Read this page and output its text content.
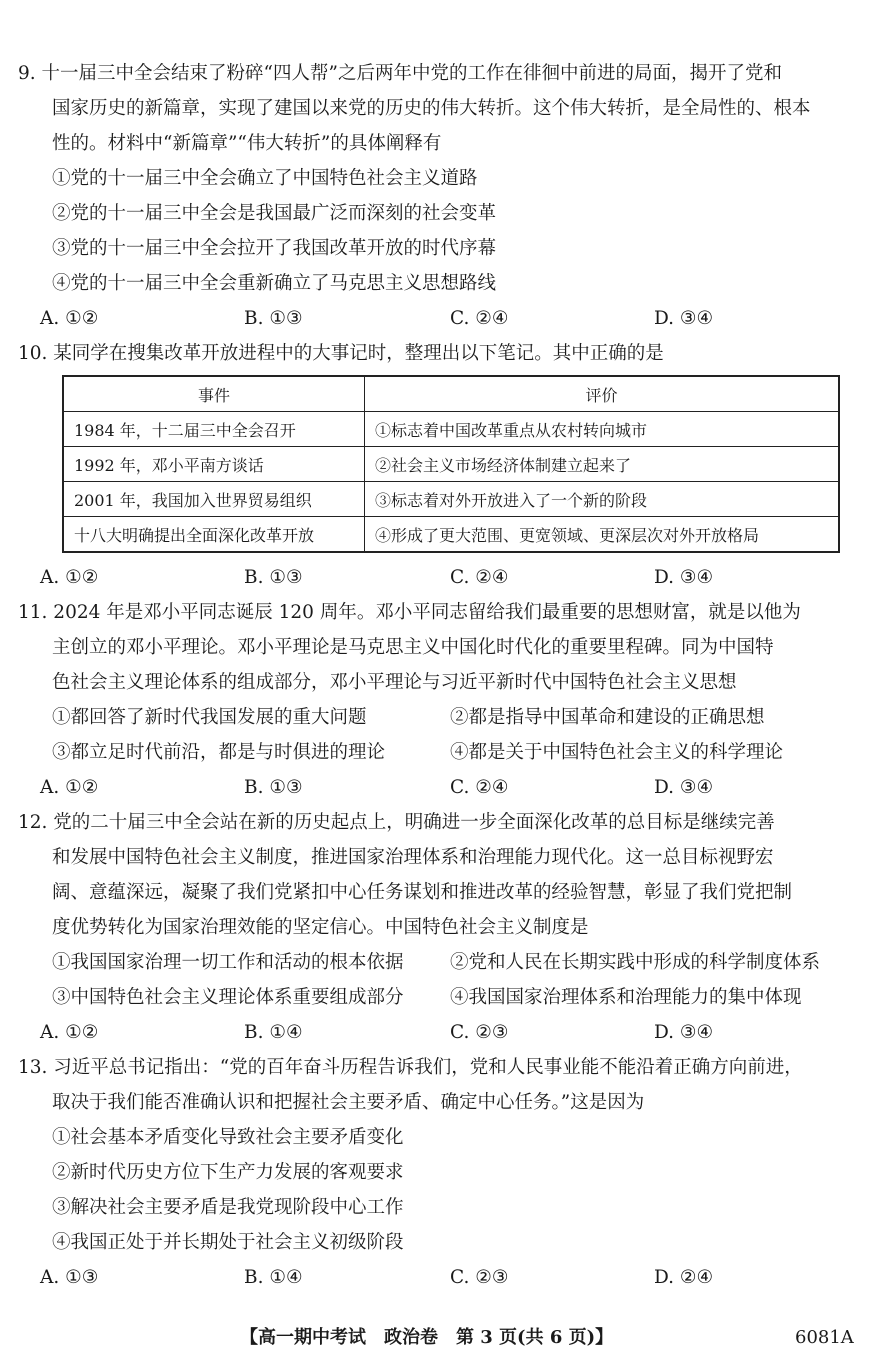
9. 十一届三中全会结束了粉碎“四人帮”之后两年中党的工作在徘徊中前进的局面，揭开了党和
国家历史的新篇章，实现了建国以来党的历史的伟大转折。这个伟大转折，是全局性的、根本
性的。材料中“新篇章”“伟大转折”的具体阐释有
①党的十一届三中全会确立了中国特色社会主义道路
②党的十一届三中全会是我国最广泛而深刻的社会变革
③党的十一届三中全会拉开了我国改革开放的时代序幕
④党的十一届三中全会重新确立了马克思主义思想路线
A. ①②	B. ①③	C. ②④	D. ③④
10. 某同学在搜集改革开放进程中的大事记时，整理出以下笔记。其中正确的是
事件	评价
1984 年，十二届三中全会召开	①标志着中国改革重点从农村转向城市
1992 年，邓小平南方谈话	②社会主义市场经济体制建立起来了
2001 年，我国加入世界贸易组织	③标志着对外开放进入了一个新的阶段
十八大明确提出全面深化改革开放	④形成了更大范围、更宽领域、更深层次对外开放格局
A. ①②	B. ①③	C. ②④	D. ③④
11. 2024 年是邓小平同志诞辰 120 周年。邓小平同志留给我们最重要的思想财富，就是以他为
主创立的邓小平理论。邓小平理论是马克思主义中国化时代化的重要里程碑。同为中国特
色社会主义理论体系的组成部分，邓小平理论与习近平新时代中国特色社会主义思想
①都回答了新时代我国发展的重大问题	②都是指导中国革命和建设的正确思想
③都立足时代前沿，都是与时俱进的理论	④都是关于中国特色社会主义的科学理论
A. ①②	B. ①③	C. ②④	D. ③④
12. 党的二十届三中全会站在新的历史起点上，明确进一步全面深化改革的总目标是继续完善
和发展中国特色社会主义制度，推进国家治理体系和治理能力现代化。这一总目标视野宏
阔、意蕴深远，凝聚了我们党紧扣中心任务谋划和推进改革的经验智慧，彰显了我们党把制
度优势转化为国家治理效能的坚定信心。中国特色社会主义制度是
①我国国家治理一切工作和活动的根本依据	②党和人民在长期实践中形成的科学制度体系
③中国特色社会主义理论体系重要组成部分	④我国国家治理体系和治理能力的集中体现
A. ①②	B. ①④	C. ②③	D. ③④
13. 习近平总书记指出：“党的百年奋斗历程告诉我们，党和人民事业能不能沿着正确方向前进，
取决于我们能否准确认识和把握社会主要矛盾、确定中心任务。”这是因为
①社会基本矛盾变化导致社会主要矛盾变化
②新时代历史方位下生产力发展的客观要求
③解决社会主要矛盾是我党现阶段中心工作
④我国正处于并长期处于社会主义初级阶段
A. ①③	B. ①④	C. ②③	D. ②④
【高一期中考试　政治卷　第 3 页(共 6 页)】	6081A
